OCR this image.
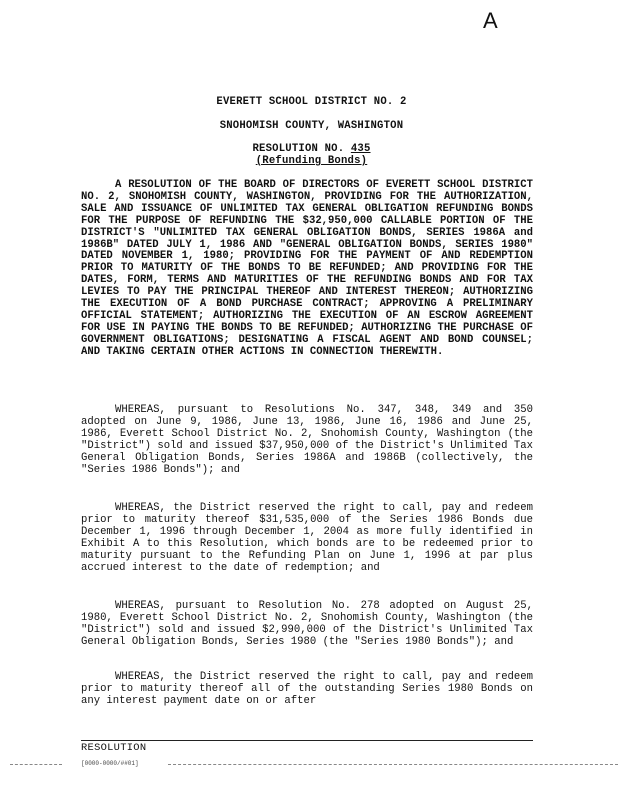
A
EVERETT SCHOOL DISTRICT NO. 2
SNOHOMISH COUNTY, WASHINGTON
RESOLUTION NO. 435
(Refunding Bonds)
A RESOLUTION OF THE BOARD OF DIRECTORS OF EVERETT SCHOOL DISTRICT NO. 2, SNOHOMISH COUNTY, WASHINGTON, PROVIDING FOR THE AUTHORIZATION, SALE AND ISSUANCE OF UNLIMITED TAX GENERAL OBLIGATION REFUNDING BONDS FOR THE PURPOSE OF REFUNDING THE $32,950,000 CALLABLE PORTION OF THE DISTRICT'S "UNLIMITED TAX GENERAL OBLIGATION BONDS, SERIES 1986A and 1986B" DATED JULY 1, 1986 AND "GENERAL OBLIGATION BONDS, SERIES 1980" DATED NOVEMBER 1, 1980; PROVIDING FOR THE PAYMENT OF AND REDEMPTION PRIOR TO MATURITY OF THE BONDS TO BE REFUNDED; AND PROVIDING FOR THE DATES, FORM, TERMS AND MATURITIES OF THE REFUNDING BONDS AND FOR TAX LEVIES TO PAY THE PRINCIPAL THEREOF AND INTEREST THEREON; AUTHORIZING THE EXECUTION OF A BOND PURCHASE CONTRACT; APPROVING A PRELIMINARY OFFICIAL STATEMENT; AUTHORIZING THE EXECUTION OF AN ESCROW AGREEMENT FOR USE IN PAYING THE BONDS TO BE REFUNDED; AUTHORIZING THE PURCHASE OF GOVERNMENT OBLIGATIONS; DESIGNATING A FISCAL AGENT AND BOND COUNSEL; AND TAKING CERTAIN OTHER ACTIONS IN CONNECTION THEREWITH.
WHEREAS, pursuant to Resolutions No. 347, 348, 349 and 350 adopted on June 9, 1986, June 13, 1986, June 16, 1986 and June 25, 1986, Everett School District No. 2, Snohomish County, Washington (the "District") sold and issued $37,950,000 of the District's Unlimited Tax General Obligation Bonds, Series 1986A and 1986B (collectively, the "Series 1986 Bonds"); and
WHEREAS, the District reserved the right to call, pay and redeem prior to maturity thereof $31,535,000 of the Series 1986 Bonds due December 1, 1996 through December 1, 2004 as more fully identified in Exhibit A to this Resolution, which bonds are to be redeemed prior to maturity pursuant to the Refunding Plan on June 1, 1996 at par plus accrued interest to the date of redemption; and
WHEREAS, pursuant to Resolution No. 278 adopted on August 25, 1980, Everett School District No. 2, Snohomish County, Washington (the "District") sold and issued $2,990,000 of the District's Unlimited Tax General Obligation Bonds, Series 1980 (the "Series 1980 Bonds"); and
WHEREAS, the District reserved the right to call, pay and redeem prior to maturity thereof all of the outstanding Series 1980 Bonds on any interest payment date on or after
RESOLUTION
[0000-0000/##01]
